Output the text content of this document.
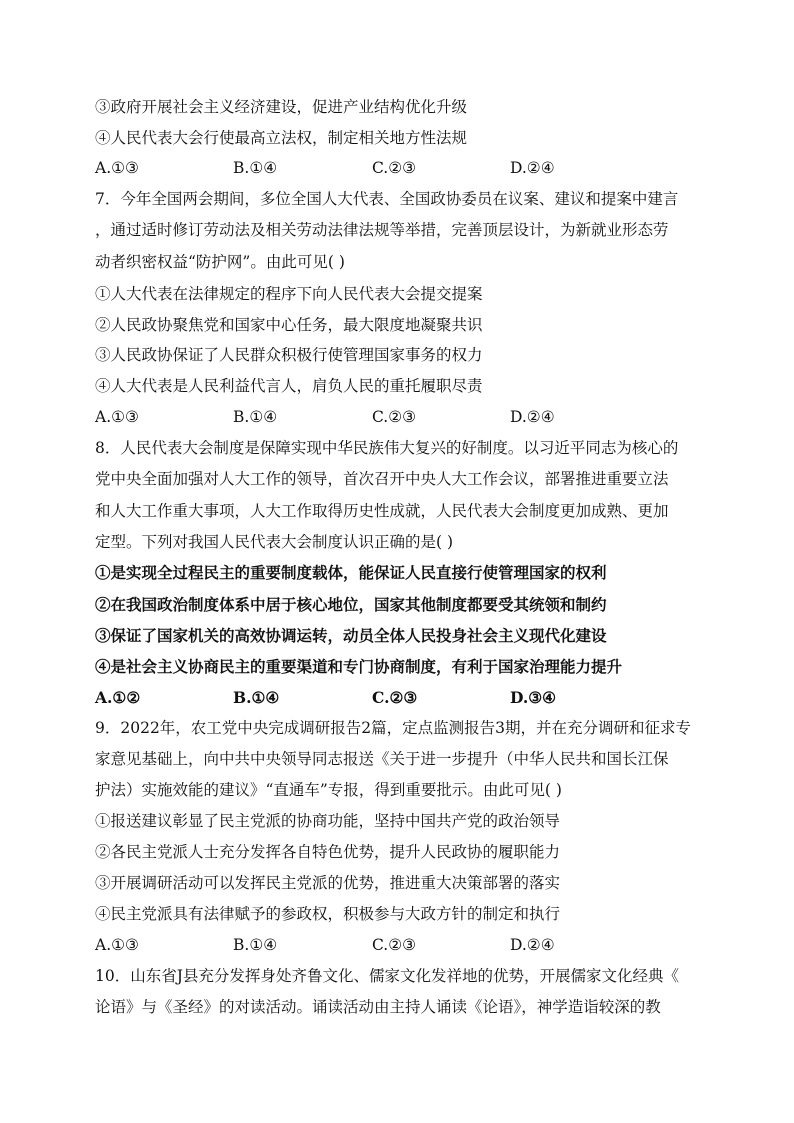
③政府开展社会主义经济建设，促进产业结构优化升级
④人民代表大会行使最高立法权，制定相关地方性法规
A.①③	B.①④	C.②③	D.②④
7．今年全国两会期间，多位全国人大代表、全国政协委员在议案、建议和提案中建言
，通过适时修订劳动法及相关劳动法律法规等举措，完善顶层设计，为新就业形态劳
动者织密权益“防护网”。由此可见( )
①人大代表在法律规定的程序下向人民代表大会提交提案
②人民政协聚焦党和国家中心任务，最大限度地凝聚共识
③人民政协保证了人民群众积极行使管理国家事务的权力
④人大代表是人民利益代言人，肩负人民的重托履职尽责
A.①③	B.①④	C.②③	D.②④
8．人民代表大会制度是保障实现中华民族伟大复兴的好制度。以习近平同志为核心的
党中央全面加强对人大工作的领导，首次召开中央人大工作会议，部署推进重要立法
和人大工作重大事项，人大工作取得历史性成就，人民代表大会制度更加成熟、更加
定型。下列对我国人民代表大会制度认识正确的是( )
①是实现全过程民主的重要制度载体，能保证人民直接行使管理国家的权利
②在我国政治制度体系中居于核心地位，国家其他制度都要受其统领和制约
③保证了国家机关的高效协调运转，动员全体人民投身社会主义现代化建设
④是社会主义协商民主的重要渠道和专门协商制度，有利于国家治理能力提升
A.①②	B.①④	C.②③	D.③④
9．2022年，农工党中央完成调研报告2篇，定点监测报告3期，并在充分调研和征求专
家意见基础上，向中共中央领导同志报送《关于进一步提升（中华人民共和国长江保
护法）实施效能的建议》“直通车”专报，得到重要批示。由此可见( )
①报送建议彰显了民主党派的协商功能，坚持中国共产党的政治领导
②各民主党派人士充分发挥各自特色优势，提升人民政协的履职能力
③开展调研活动可以发挥民主党派的优势，推进重大决策部署的落实
④民主党派具有法律赋予的参政权，积极参与大政方针的制定和执行
A.①③	B.①④	C.②③	D.②④
10．山东省J县充分发挥身处齐鲁文化、儒家文化发祥地的优势，开展儒家文化经典《
论语》与《圣经》的对读活动。诵读活动由主持人诵读《论语》，神学造诣较深的教
